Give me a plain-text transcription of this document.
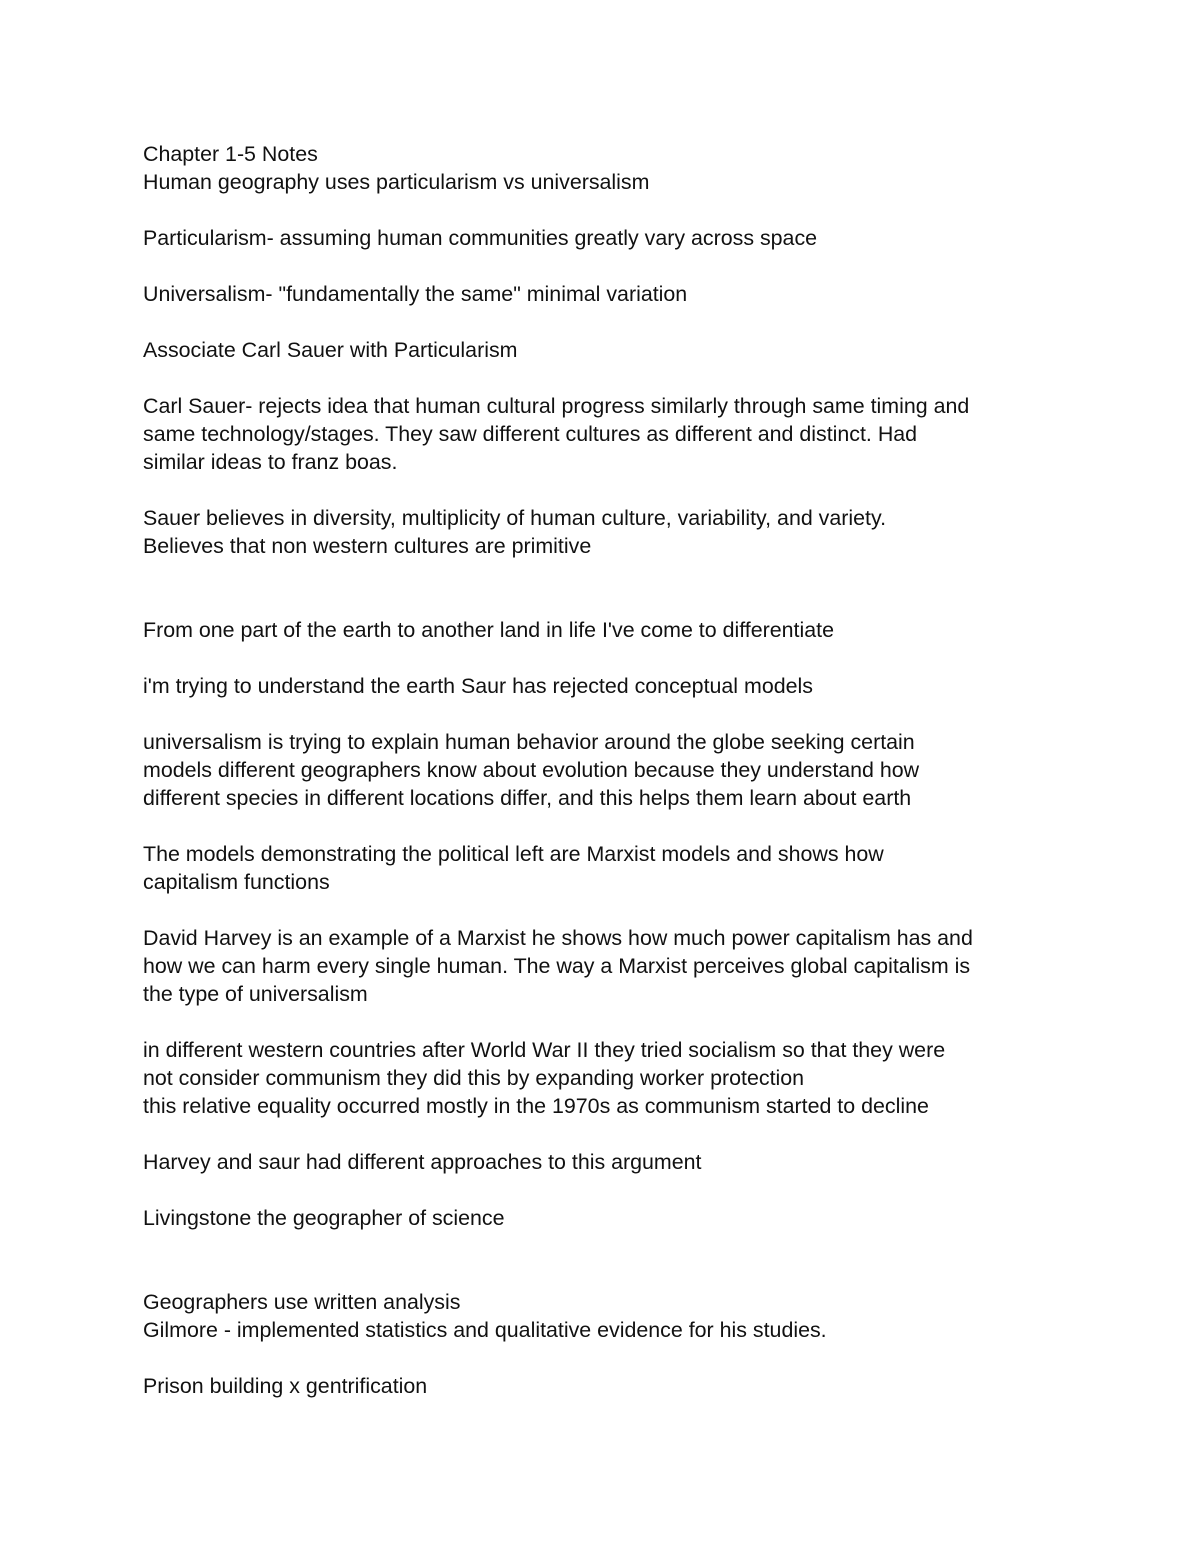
Chapter 1-5 Notes

Human geography uses particularism vs universalism

Particularism- assuming human communities greatly vary across space

Universalism- "fundamentally the same" minimal variation

Associate Carl Sauer with Particularism

Carl Sauer- rejects idea that human cultural progress similarly through same timing and

same technology/stages. They saw different cultures as different and distinct. Had

similar ideas to franz boas.

Sauer believes in diversity, multiplicity of human culture, variability, and variety.

Believes that non western cultures are primitive

From one part of the earth to another land in life I've come to differentiate

i'm trying to understand the earth Saur has rejected conceptual models

universalism is trying to explain human behavior around the globe seeking certain

models different geographers know about evolution because they understand how

different species in different locations differ, and this helps them learn about earth

The models demonstrating the political left are Marxist models and shows how

capitalism functions

David Harvey is an example of a Marxist he shows how much power capitalism has and

how we can harm every single human. The way a Marxist perceives global capitalism is

the type of universalism

in different western countries after World War II they tried socialism so that they were

not consider communism they did this by expanding worker protection

this relative equality occurred mostly in the 1970s as communism started to decline

Harvey and saur had different approaches to this argument

Livingstone the geographer of science

Geographers use written analysis

Gilmore - implemented statistics and qualitative evidence for his studies.

Prison building x gentrification
